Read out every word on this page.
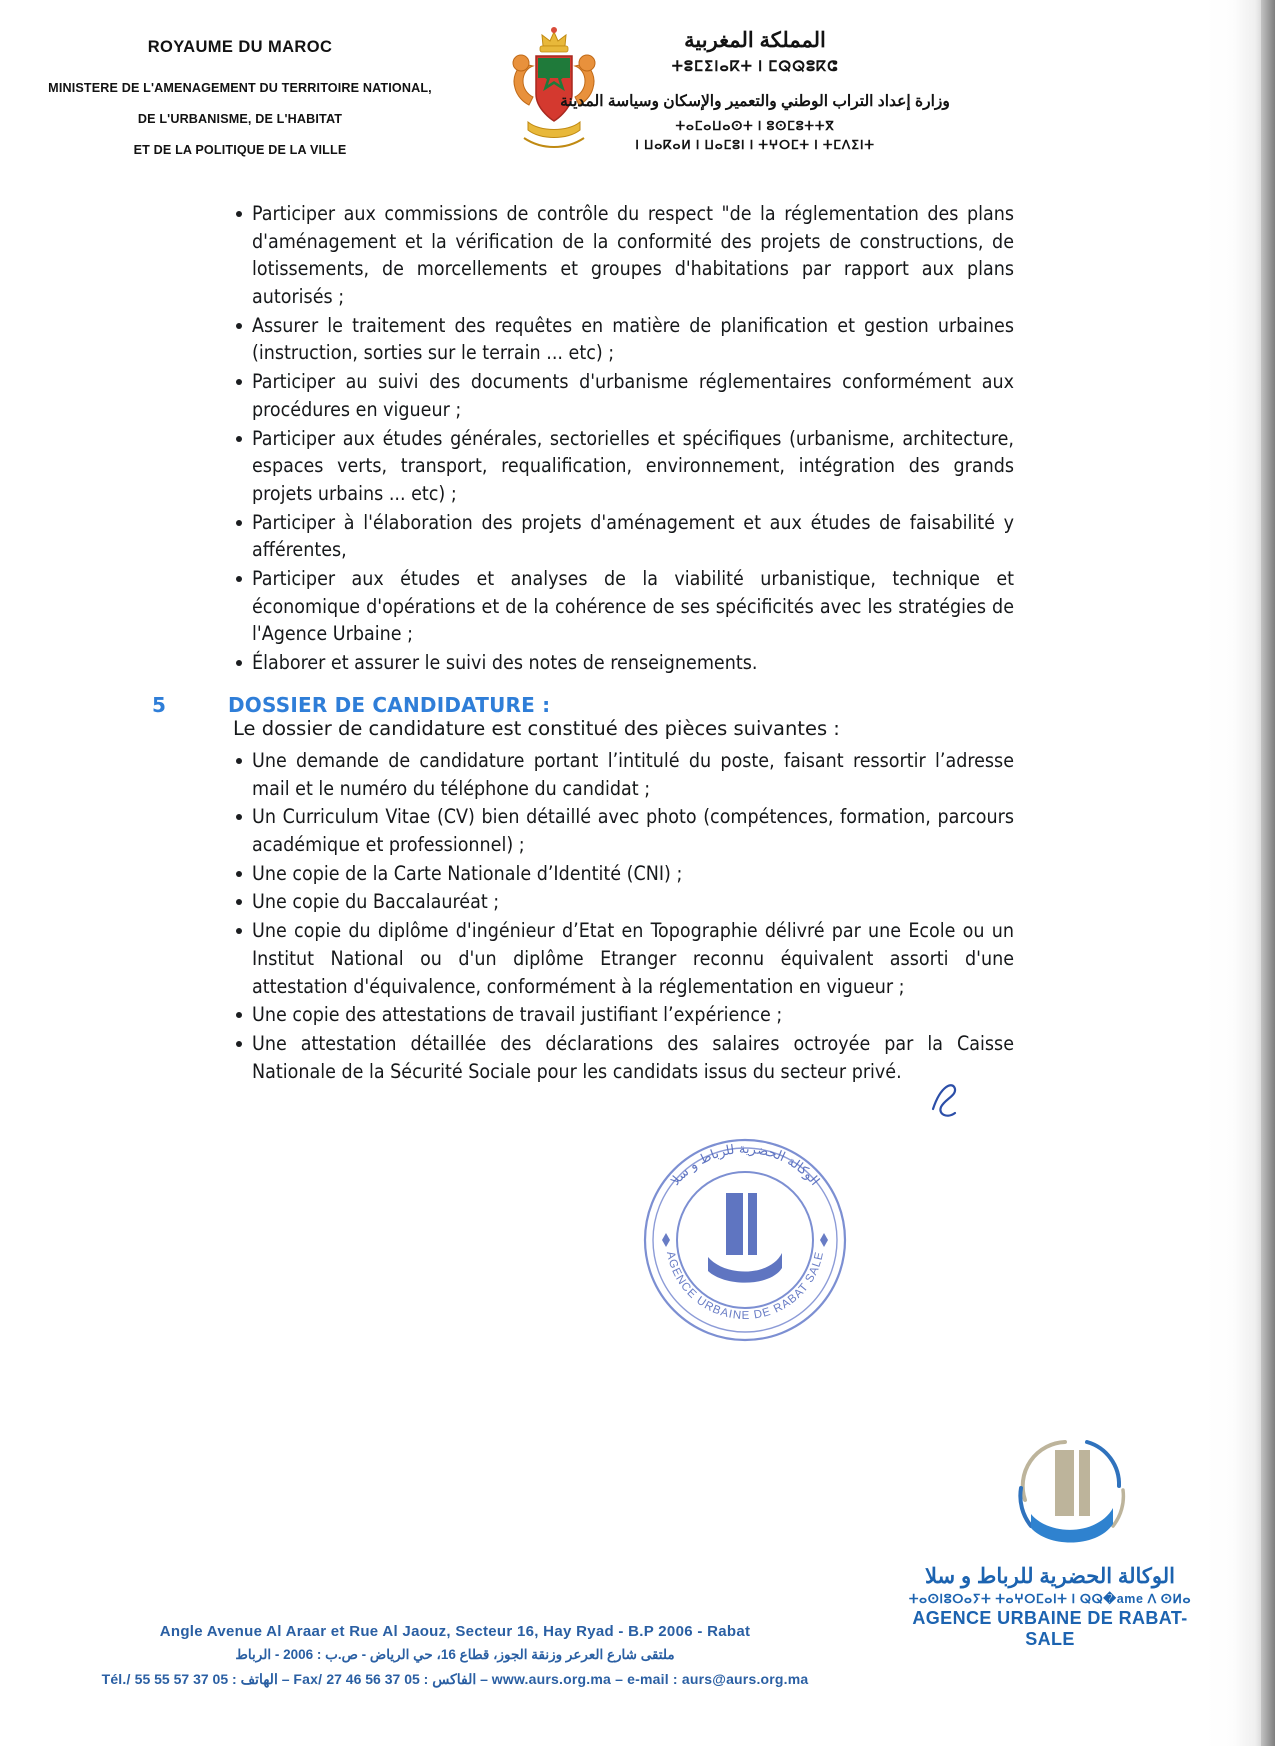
ROYAUME DU MAROC
MINISTERE DE L'AMENAGEMENT DU TERRITOIRE NATIONAL,
DE L'URBANISME, DE L'HABITAT
ET DE LA POLITIQUE DE LA VILLE
المملكة المغربية
ⵜⵓⵎⵉⵏⴰⴽⵜ ⵏ ⵎⵕⵕⵓⴽⵛ
وزارة إعداد التراب الوطني والتعمير والإسكان وسياسة المدينة
ⵜⴰⵎⴰⵡⴰⵙⵜ ⵏ ⵓⵙⵎⵓⵜⵜⴳ
ⵏ ⵡⴰⴽⴰⵍ ⵏ ⵡⴰⵎⵓⵏ ⵏ ⵜⵖⵔⵎⵜ ⵏ ⵜⵎⴷⵉⵏⵜ
Participer aux commissions de contrôle du respect "de la réglementation des plans d'aménagement et la vérification de la conformité des projets de constructions, de lotissements, de morcellements et groupes d'habitations par rapport aux plans autorisés ;
Assurer le traitement des requêtes en matière de planification et gestion urbaines (instruction, sorties sur le terrain ... etc) ;
Participer au suivi des documents d'urbanisme réglementaires conformément aux procédures en vigueur ;
Participer aux études générales, sectorielles et spécifiques (urbanisme, architecture, espaces verts, transport, requalification, environnement, intégration des grands projets urbains ... etc) ;
Participer à l'élaboration des projets d'aménagement et aux études de faisabilité y afférentes,
Participer aux études et analyses de la viabilité urbanistique, technique et économique d'opérations et de la cohérence de ses spécificités avec les stratégies de l'Agence Urbaine ;
Élaborer et assurer le suivi des notes de renseignements.
5	DOSSIER DE CANDIDATURE :
Le dossier de candidature est constitué des pièces suivantes :
Une demande de candidature portant l’intitulé du poste, faisant ressortir l’adresse mail et le numéro du téléphone du candidat ;
Un Curriculum Vitae (CV) bien détaillé avec photo (compétences, formation, parcours académique et professionnel) ;
Une copie de la Carte Nationale d’Identité (CNI) ;
Une copie du Baccalauréat ;
Une copie du diplôme d'ingénieur d’Etat en Topographie délivré par une Ecole ou un Institut National ou d'un diplôme Etranger reconnu équivalent assorti d'une attestation d'équivalence, conformément à la réglementation en vigueur ;
Une copie des attestations de travail justifiant l’expérience ;
Une attestation détaillée des déclarations des salaires octroyée par la Caisse Nationale de la Sécurité Sociale pour les candidats issus du secteur privé.
الوكالة الحضرية للرباط و سلا
AGENCE URBAINE DE RABAT SALE
الوكالة الحضرية للرباط و سلا
ⵜⴰⵙⵏⵓⵔⴰⵢⵜ ⵜⴰⵖⵔⵎⴰⵏⵜ ⵏ ⵕⵕ�ame ⴷ ⵙⵍⴰ
AGENCE URBAINE DE RABAT-SALE
Angle Avenue Al Araar et Rue Al Jaouz, Secteur 16, Hay Ryad - B.P 2006 - Rabat
ملتقى شارع العرعر وزنقة الجوز، قطاع 16، حي الرياض - ص.ب : 2006 - الرباط
Tél./ الهاتف : 05 37 57 55 55 – Fax/ الفاكس : 05 37 56 46 27 – www.aurs.org.ma – e-mail : aurs@aurs.org.ma
